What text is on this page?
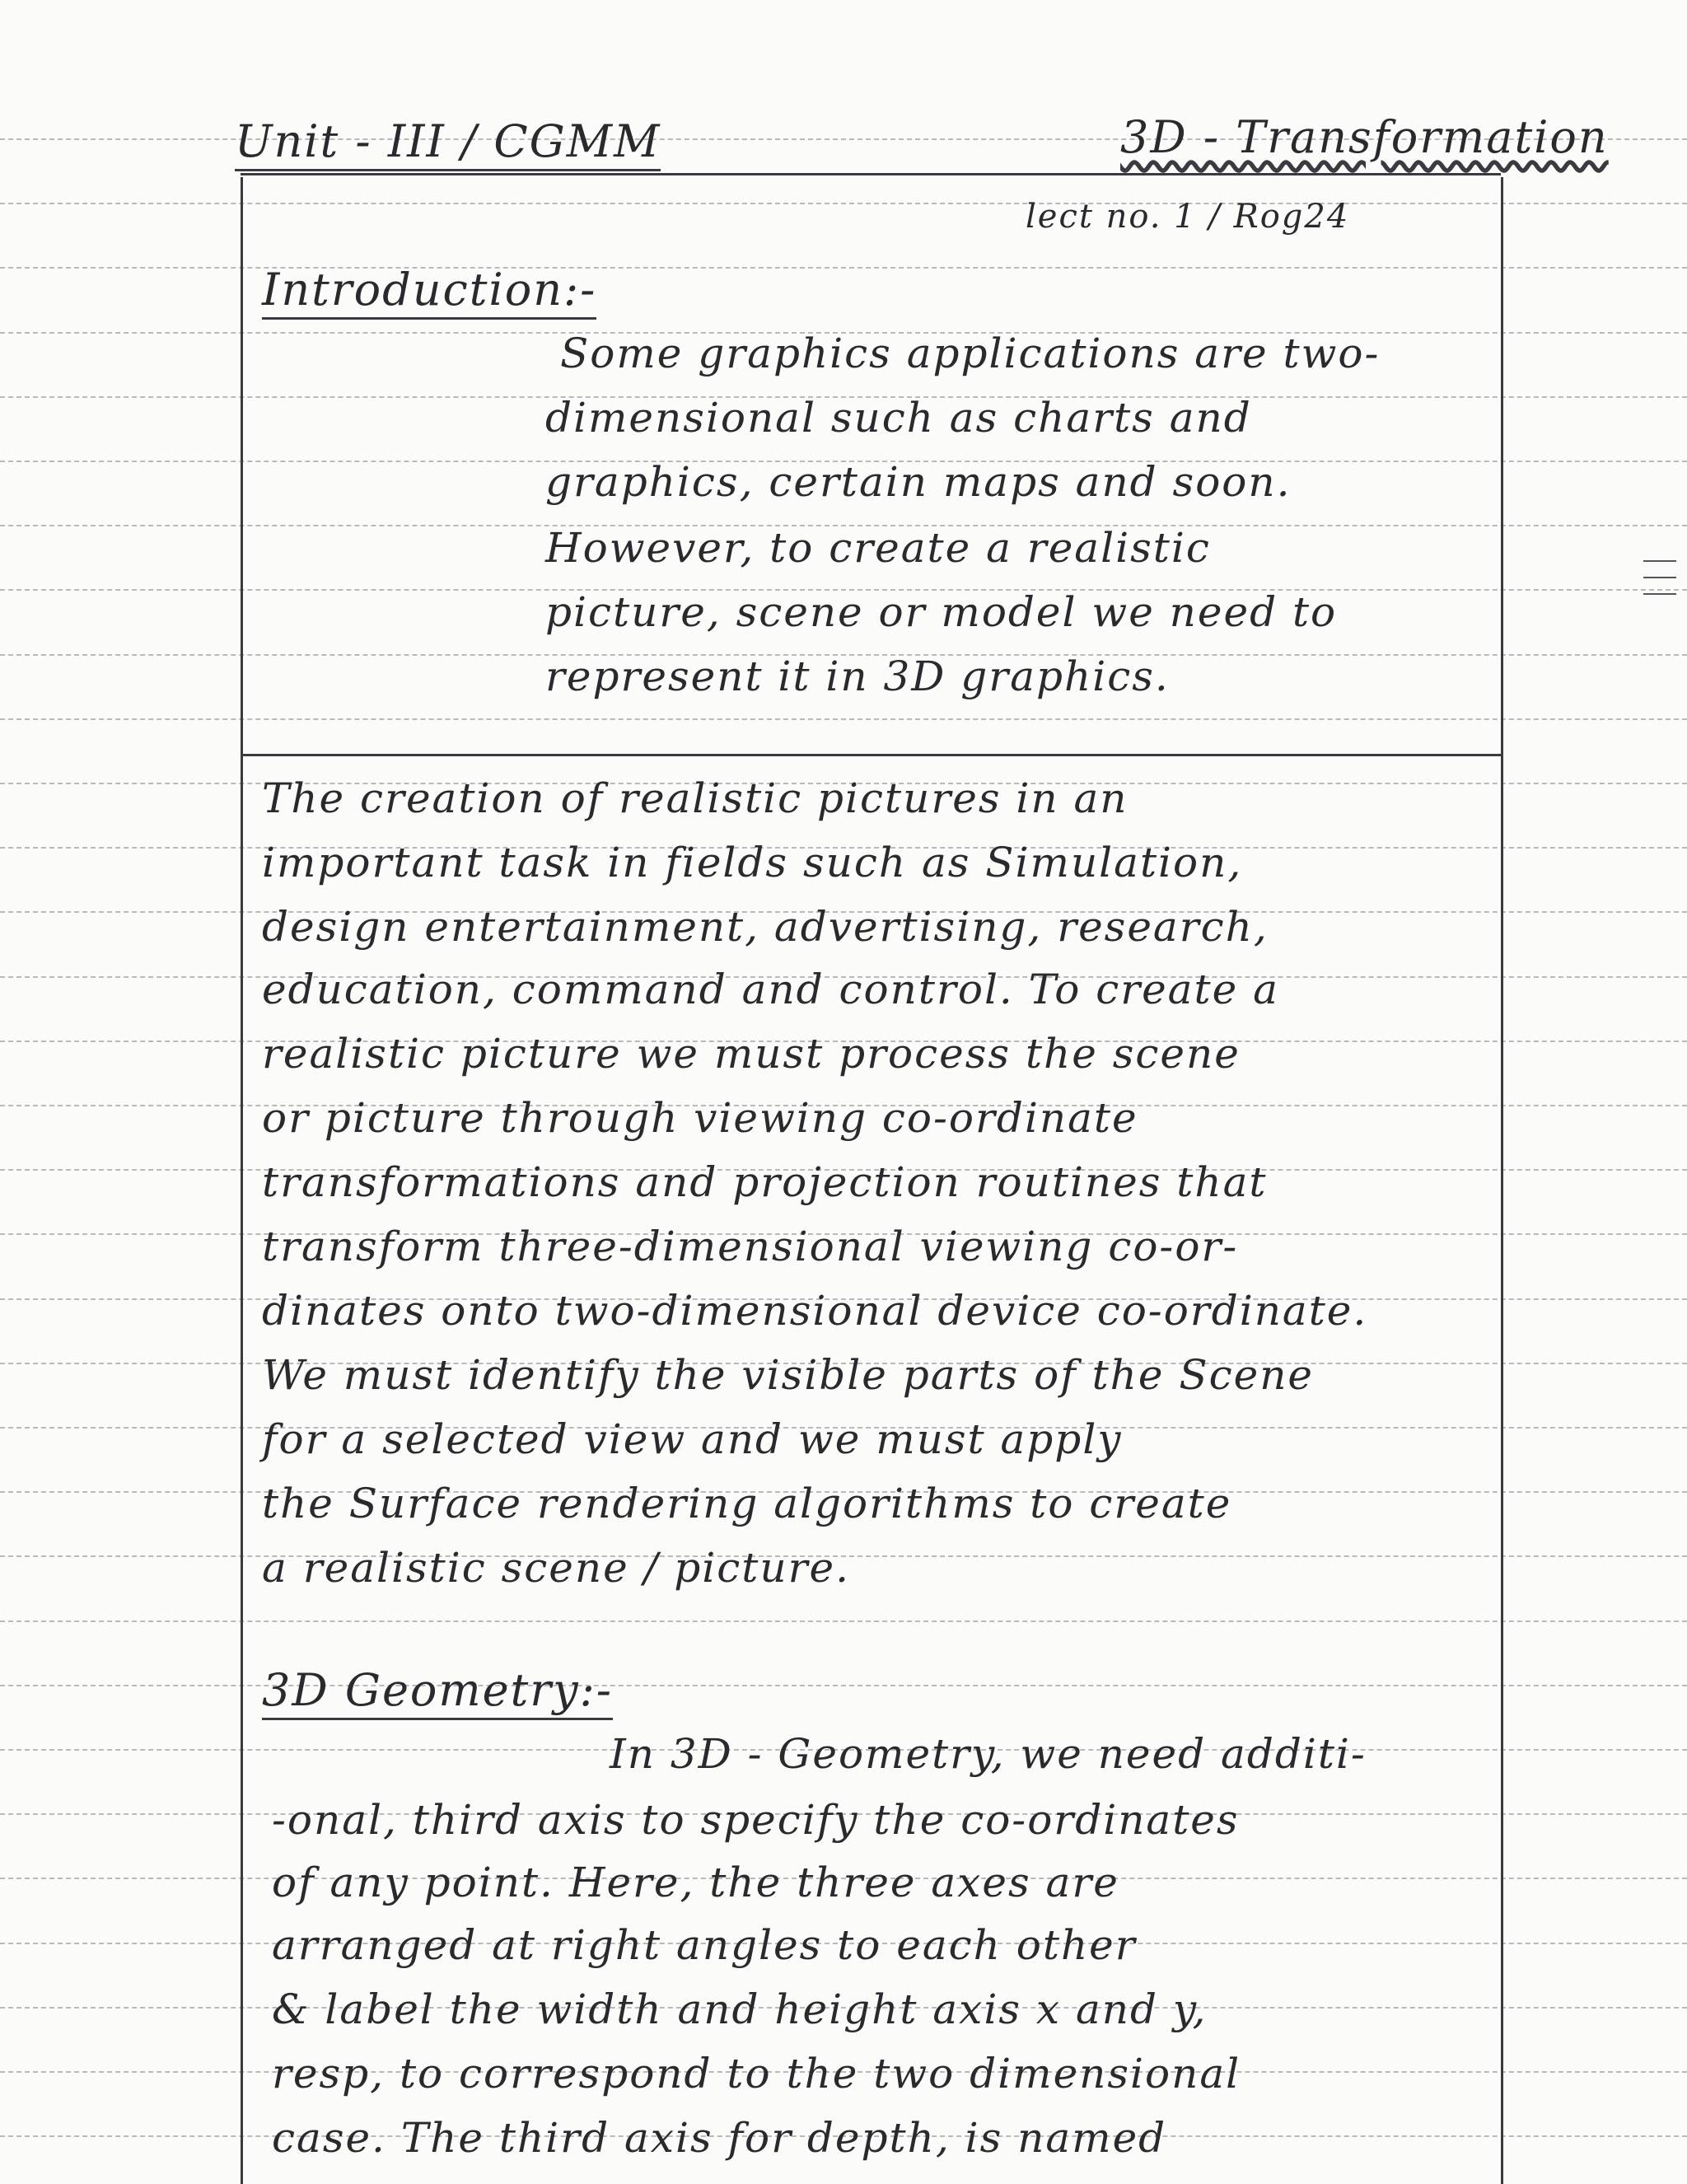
Unit - III / CGMM	3D - Transformation
lect no. 1 / Rog24
Introduction:-
Some graphics applications are two-
dimensional such as charts and
graphics, certain maps and soon.
However, to create a realistic
picture, scene or model we need to
represent it in 3D graphics.
The creation of realistic pictures in an
important task in fields such as Simulation,
design entertainment, advertising, research,
education, command and control. To create a
realistic picture we must process the scene
or picture through viewing co-ordinate
transformations and projection routines that
transform three-dimensional viewing co-or-
dinates onto two-dimensional device co-ordinate.
We must identify the visible parts of the Scene
for a selected view and we must apply
the Surface rendering algorithms to create
a realistic scene / picture.
3D Geometry:-
In 3D - Geometry, we need additi-
-onal, third axis to specify the co-ordinates
of any point. Here, the three axes are
arranged at right angles to each other
& label the width and height axis x and y,
resp, to correspond to the two dimensional
case. The third axis for depth, is named
